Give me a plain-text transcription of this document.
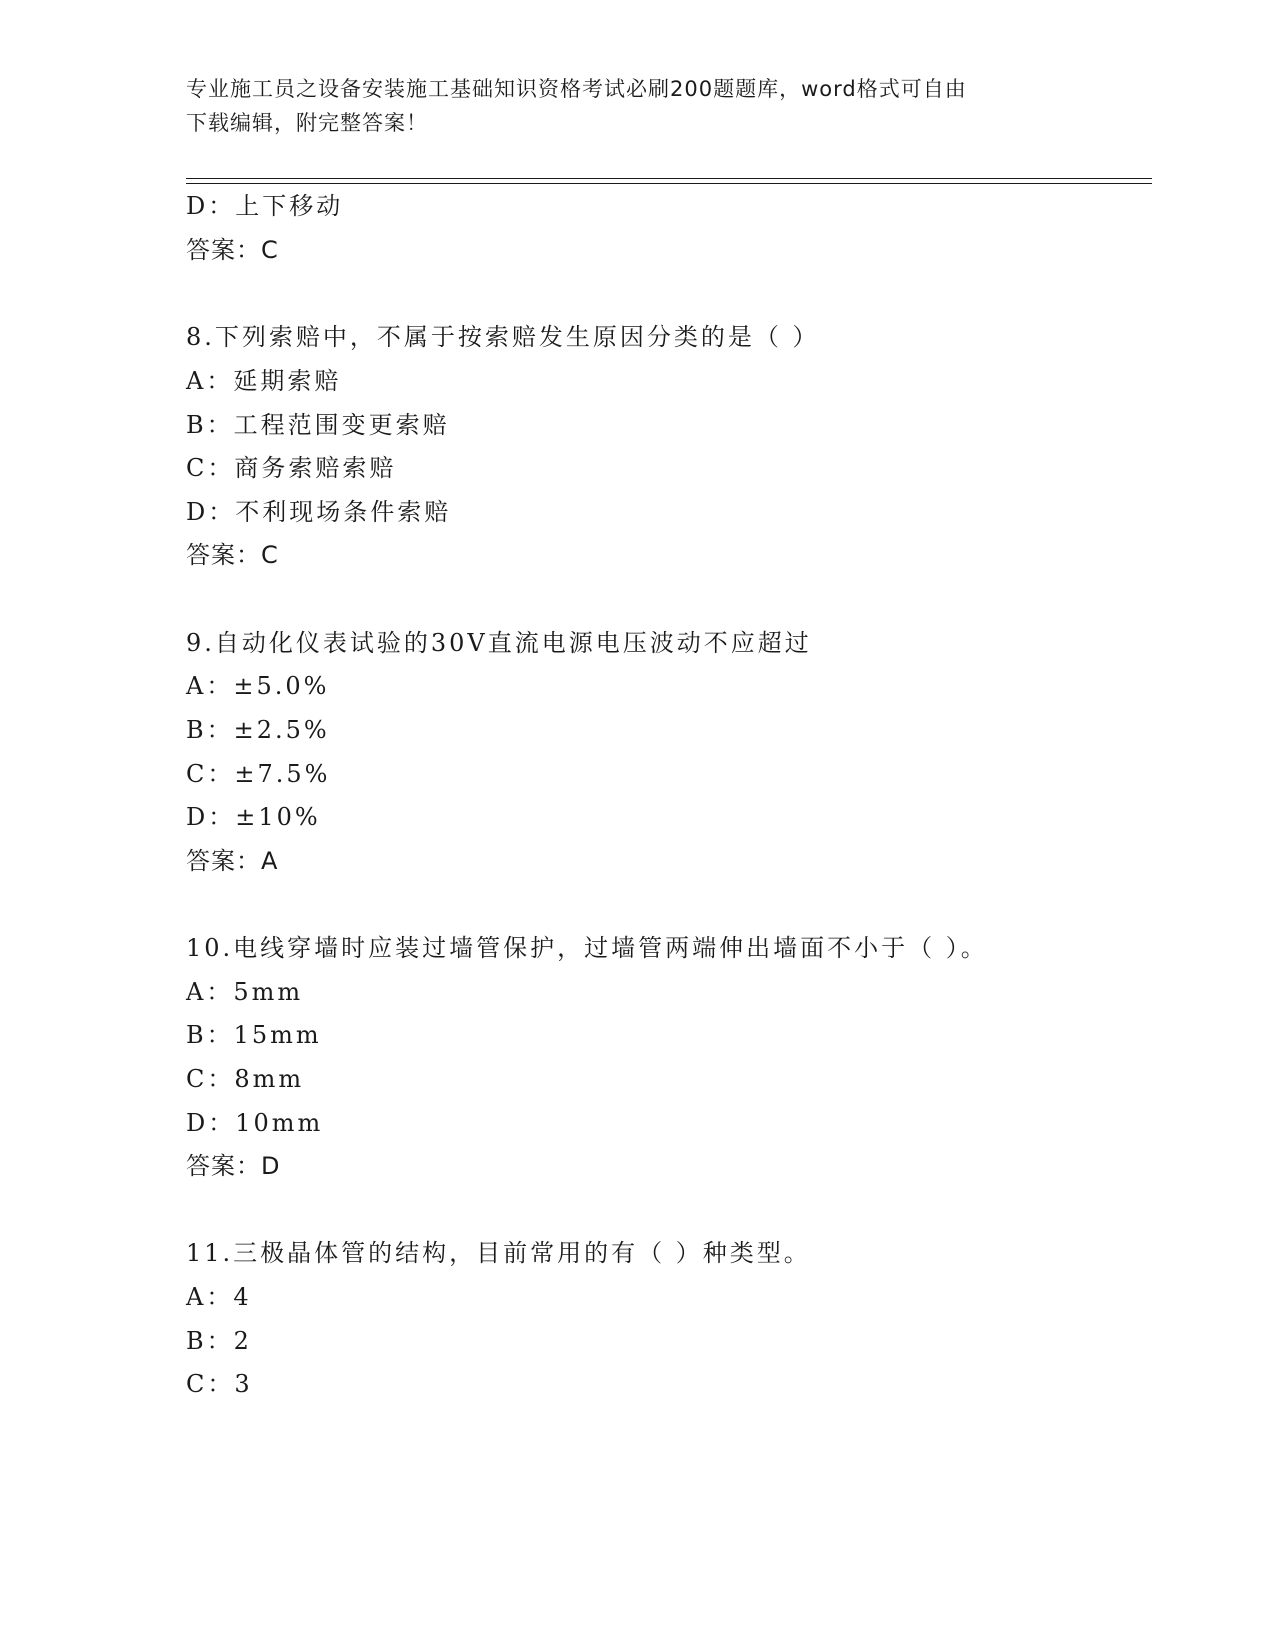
专业施工员之设备安装施工基础知识资格考试必刷200题题库，word格式可自由
下载编辑，附完整答案！
D：上下移动
答案：C
8.下列索赔中，不属于按索赔发生原因分类的是（ ）
A：延期索赔
B：工程范围变更索赔
C：商务索赔索赔
D：不利现场条件索赔
答案：C
9.自动化仪表试验的30V直流电源电压波动不应超过
A：±5.0%
B：±2.5%
C：±7.5%
D：±10%
答案：A
10.电线穿墙时应装过墙管保护，过墙管两端伸出墙面不小于（ ）。
A：5mm
B：15mm
C：8mm
D：10mm
答案：D
11.三极晶体管的结构，目前常用的有（ ）种类型。
A：4
B：2
C：3
